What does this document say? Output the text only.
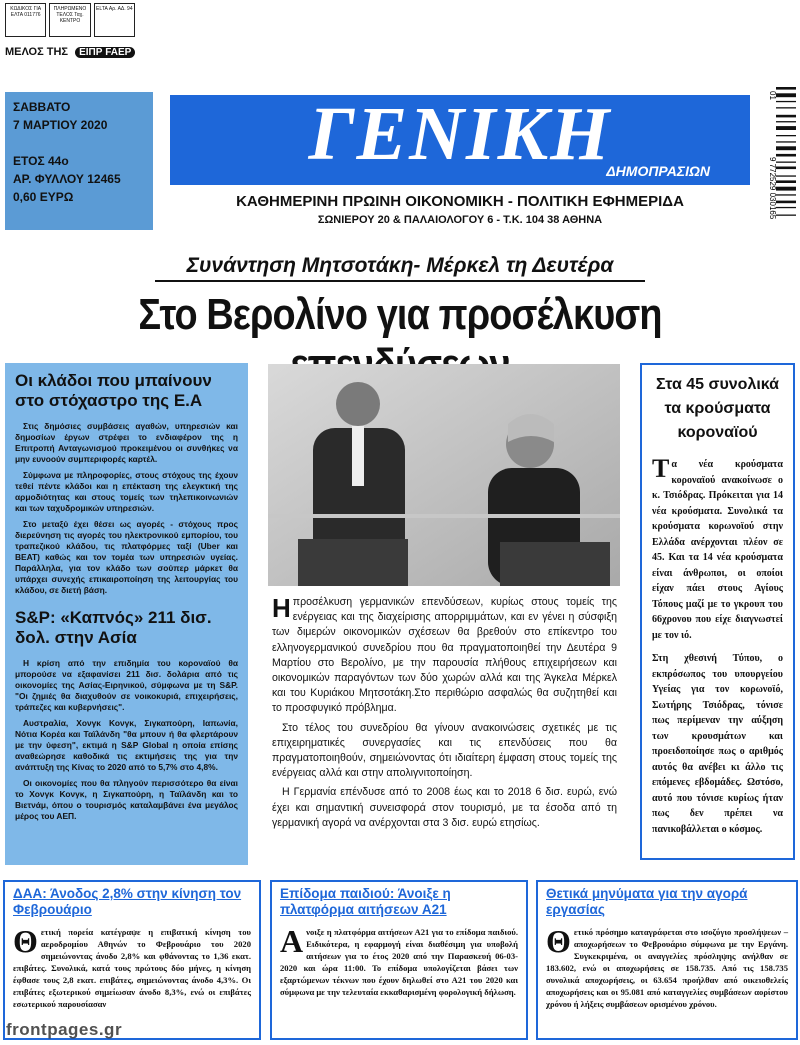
ΚΩΔΙΚΟΣ ΓΙΑ ΕΛΤΑ 011776
ΠΛΗΡΩΜΕΝΟ ΤΕΛΟΣ Ταχ. ΚΕΝΤΡΟ
ELTA Αρ. ΑΔ. 94
ΜΕΛΟΣ ΤΗΣ ΕΙΠΡ FAEP
ΣΑΒΒΑΤΟ
7 ΜΑΡΤΙΟΥ 2020
ΕΤΟΣ 44ο
ΑΡ. ΦΥΛΛΟΥ 12465
0,60 ΕΥΡΩ
ΓΕΝΙΚΗ
ΔΗΜΟΠΡΑΣΙΩΝ
ΚΑΘΗΜΕΡΙΝΗ ΠΡΩΙΝΗ ΟΙΚΟΝΟΜΙΚΗ - ΠΟΛΙΤΙΚΗ ΕΦΗΜΕΡΙΔΑ
ΣΩΝΙΕΡΟΥ 20 & ΠΑΛΑΙΟΛΟΓΟΥ 6 - Τ.Κ. 104 38 ΑΘΗΝΑ
01
9 772529 030165
Συνάντηση Μητσοτάκη- Μέρκελ τη Δευτέρα
Στο Βερολίνο για προσέλκυση
Οι κλάδοι που μπαίνουν στο στόχαστρο της Ε.Α

Στις δημόσιες συμβάσεις αγαθών, υπηρεσιών και δημοσίων έργων στρέφει το ενδιαφέρον της η Επιτροπή Ανταγωνισμού προκειμένου οι συνθήκες να μην ευνοούν συμπεριφορές καρτέλ.

Σύμφωνα με πληροφορίες, στους στόχους της έχουν τεθεί πέντε κλάδοι και η επέκταση της ελεγκτική της αρμοδιότητας και στους τομείς των τηλεπικοινωνιών και των ταχυδρομικών υπηρεσιών.

Στο μεταξύ έχει θέσει ως αγορές - στόχους προς διερεύνηση τις αγορές του ηλεκτρονικού εμπορίου, του τραπεζικού κλάδου, τις πλατφόρμες ταξί (Uber και BEAT) καθώς και τον τομέα των υπηρεσιών υγείας. Παράλληλα, για τον κλάδο των σούπερ μάρκετ θα υπάρχει συνεχής επικαιροποίηση της λειτουργίας του κλάδου, σε διετή βάση.

S&P: «Καπνός» 211 δισ. δολ. στην Ασία

Η κρίση από την επιδημία του κοροναϊού θα μπορούσε να εξαφανίσει 211 δισ. δολάρια από τις οικονομίες της Ασίας-Ειρηνικού, σύμφωνα με τη S&P. "Οι ζημιές θα διαχυθούν σε νοικοκυριά, επιχειρήσεις, τράπεζες και κυβερνήσεις".

Αυστραλία, Χονγκ Κονγκ, Σιγκαπούρη, Ιαπωνία, Νότια Κορέα και Ταϊλάνδη "θα μπουν ή θα φλερτάρουν με την ύφεση", εκτιμά η S&P Global η οποία επίσης αναθεώρησε καθοδικά τις εκτιμήσεις της για την ανάπτυξη της Κίνας το 2020 από το 5,7% στο 4,8%.

Οι οικονομίες που θα πληγούν περισσότερο θα είναι το Χονγκ Κονγκ, η Σιγκαπούρη, η Ταϊλάνδη και το Βιετνάμ, όπου ο τουρισμός καταλαμβάνει ένα μεγάλος μέρος του ΑΕΠ.

Ηπροσέλκυση γερμανικών επενδύσεων, κυρίως στους τομείς της ενέργειας και της διαχείρισης απορριμμάτων, και εν γένει η σύσφιξη των διμερών οικονομικών σχέσεων θα βρεθούν στο επίκεντρο του ελληνογερμανικού συνεδρίου που θα πραγματοποιηθεί την Δευτέρα 9 Μαρτίου στο Βερολίνο, με την παρουσία πλήθους επιχειρήσεων και οικονομικών παραγόντων των δύο χωρών αλλά και της Άγκελα Μέρκελ και του Κυριάκου Μητσοτάκη.Στο περιθώριο ασφαλώς θα συζητηθεί και το προσφυγικό πρόβλημα.

Στο τέλος του συνεδρίου θα γίνουν ανακοινώσεις σχετικές με τις επιχειρηματικές συνεργασίες και τις επενδύσεις που θα πραγματοποιηθούν, σημειώνοντας ότι ιδιαίτερη έμφαση στους τομείς της ενέργειας αλλά και στην απολιγνιτοποίηση.

Η Γερμανία επένδυσε από το 2008 έως και το 2018 6 δισ. ευρώ, ενώ έχει και σημαντική συνεισφορά στον τουρισμό, με τα έσοδα από τη γερμανική αγορά να ανέρχονται στα 3 δισ. ευρώ ετησίως.

Στα 45 συνολικά τα κρούσματα κοροναϊού

Τα νέα κρούσματα κοροναϊού ανακοίνωσε ο κ. Τσιόδρας. Πρόκειται για 14 νέα κρούσματα. Συνολικά τα κρούσματα κορωνοϊού στην Ελλάδα ανέρχονται πλέον σε 45. Και τα 14 νέα κρούσματα είναι άνθρωποι, οι οποίοι είχαν πάει στους Αγίους Τόπους μαζί με το γκρουπ του 66χρονου που είχε διαγνωστεί με τον ιό.

Στη χθεσινή Τύπου, ο εκπρόσωπος του υπουργείου Υγείας για τον κορωνοϊό, Σωτήρης Τσιόδρας, τόνισε πως περίμεναν την αύξηση των κρουσμάτων και προειδοποίησε πως ο αριθμός αυτός θα ανέβει κι άλλο τις επόμενες εβδομάδες. Ωστόσο, αυτό που τόνισε κυρίως ήταν πως δεν πρέπει να πανικοβάλλεται ο κόσμος.

ΔΑΑ: Άνοδος 2,8% στην κίνηση τον Φεβρουάριο

Θετική πορεία κατέγραψε η επιβατική κίνηση του αεροδρομίου Αθηνών το Φεβρουάριο του 2020 σημειώνοντας άνοδο 2,8% και φθάνοντας το 1,36 εκατ. επιβάτες. Συνολικά, κατά τους πρώτους δύο μήνες, η κίνηση έφθασε τους 2,8 εκατ. επιβάτες, σημειώνοντας άνοδο 4,3%. Οι επιβάτες εξωτερικού σημείωσαν άνοδο 8,3%, ενώ οι επιβάτες εσωτερικού παρουσίασαν

Επίδομα παιδιού: Άνοιξε η πλατφόρμα αιτήσεων Α21

Ανοιξε η πλατφόρμα αιτήσεων Α21 για το επίδομα παιδιού. Ειδικότερα, η εφαρμογή είναι διαθέσιμη για υποβολή αιτήσεων για το έτος 2020 από την Παρασκευή 06-03-2020 και ώρα 11:00. Το επίδομα υπολογίζεται βάσει των εξαρτώμενων τέκνων που έχουν δηλωθεί στο Α21 του 2020 και σύμφωνα με την τελευταία εκκαθαρισμένη φορολογική δήλωση.

Θετικά μηνύματα για την αγορά εργασίας

Θετικό πρόσημο καταγράφεται στο ισοζύγιο προσλήψεων – αποχωρήσεων το Φεβρουάριο σύμφωνα με την Εργάνη. Συγκεκριμένα, οι αναγγελίες πρόσληψης ανήλθαν σε 183.602, ενώ οι αποχωρήσεις σε 158.735. Από τις 158.735 συνολικά αποχωρήσεις, οι 63.654 προήλθαν από οικειοθελείς αποχωρήσεις και οι 95.081 από καταγγελίες συμβάσεων αορίστου χρόνου ή λήξεις συμβάσεων ορισμένου χρόνου.

frontpages.gr
